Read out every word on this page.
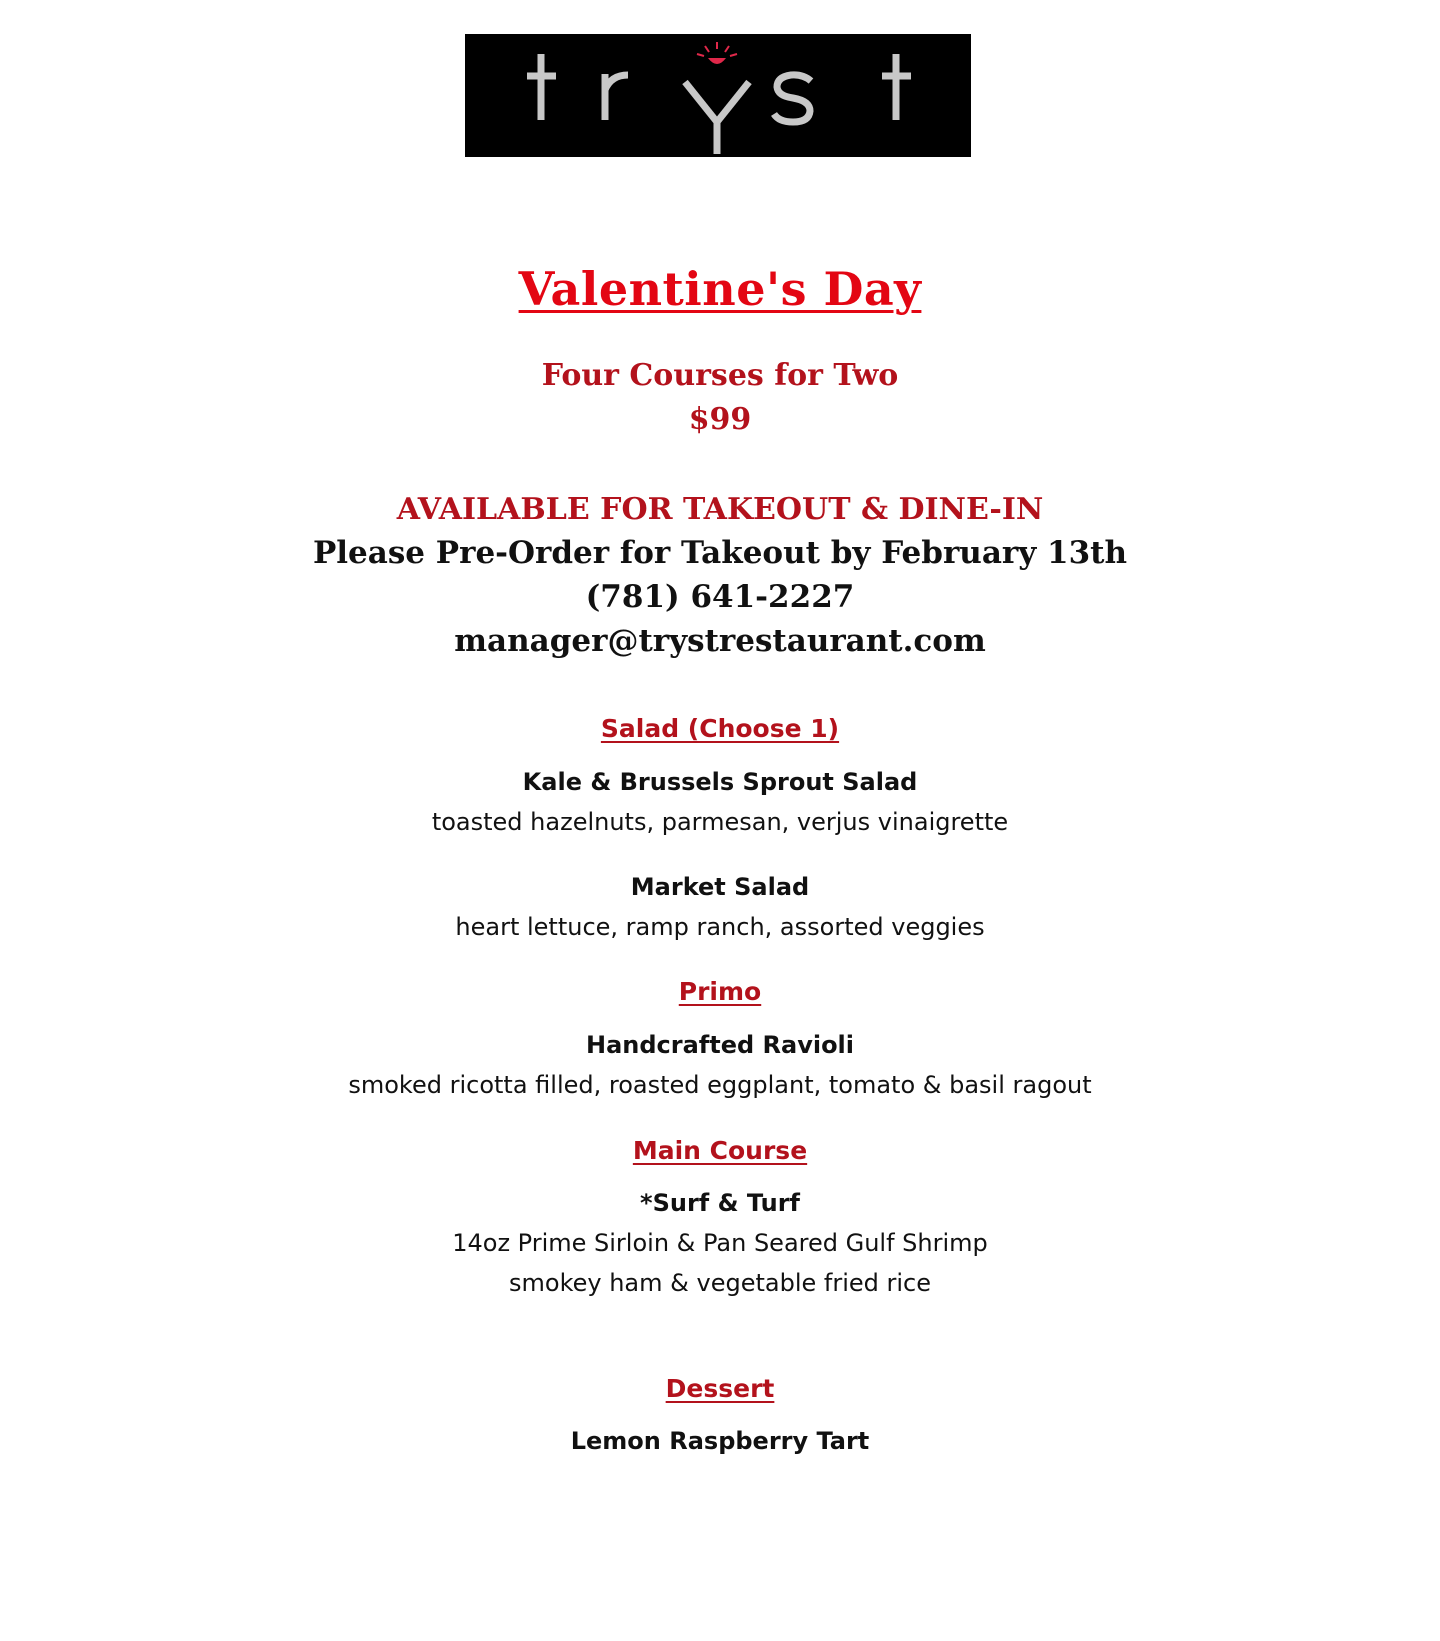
Valentine's Day
Four Courses for Two
$99
AVAILABLE FOR TAKEOUT & DINE-IN
Please Pre-Order for Takeout by February 13th
(781) 641-2227
manager@trystrestaurant.com
Salad (Choose 1)
Kale & Brussels Sprout Salad
toasted hazelnuts, parmesan, verjus vinaigrette
Market Salad
heart lettuce, ramp ranch, assorted veggies
Primo
Handcrafted Ravioli
smoked ricotta filled, roasted eggplant, tomato & basil ragout
Main Course
*Surf & Turf
14oz Prime Sirloin & Pan Seared Gulf Shrimp
smokey ham & vegetable fried rice
Dessert
Lemon Raspberry Tart
